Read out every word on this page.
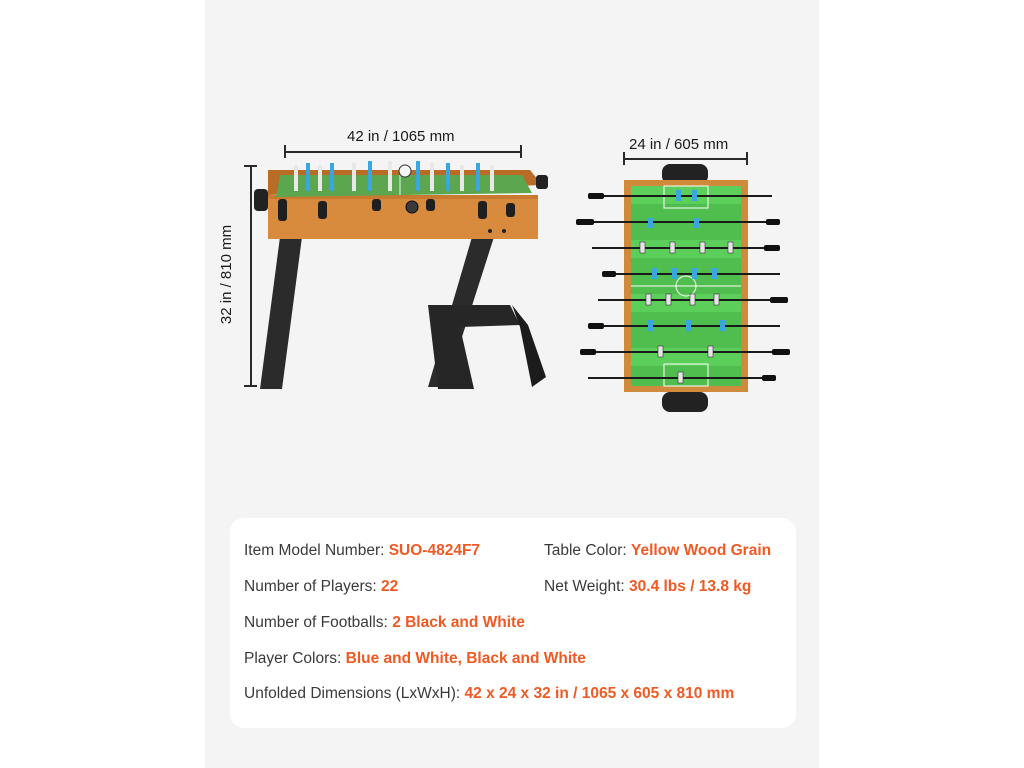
42 in / 1065 mm
32 in / 810 mm
24 in / 605 mm
Item Model Number: SUO-4824F7	Table Color: Yellow Wood Grain
Number of Players: 22	Net Weight: 30.4 lbs / 13.8 kg
Number of Footballs: 2 Black and White
Player Colors: Blue and White, Black and White
Unfolded Dimensions (LxWxH): 42 x 24 x 32 in / 1065 x 605 x 810 mm
